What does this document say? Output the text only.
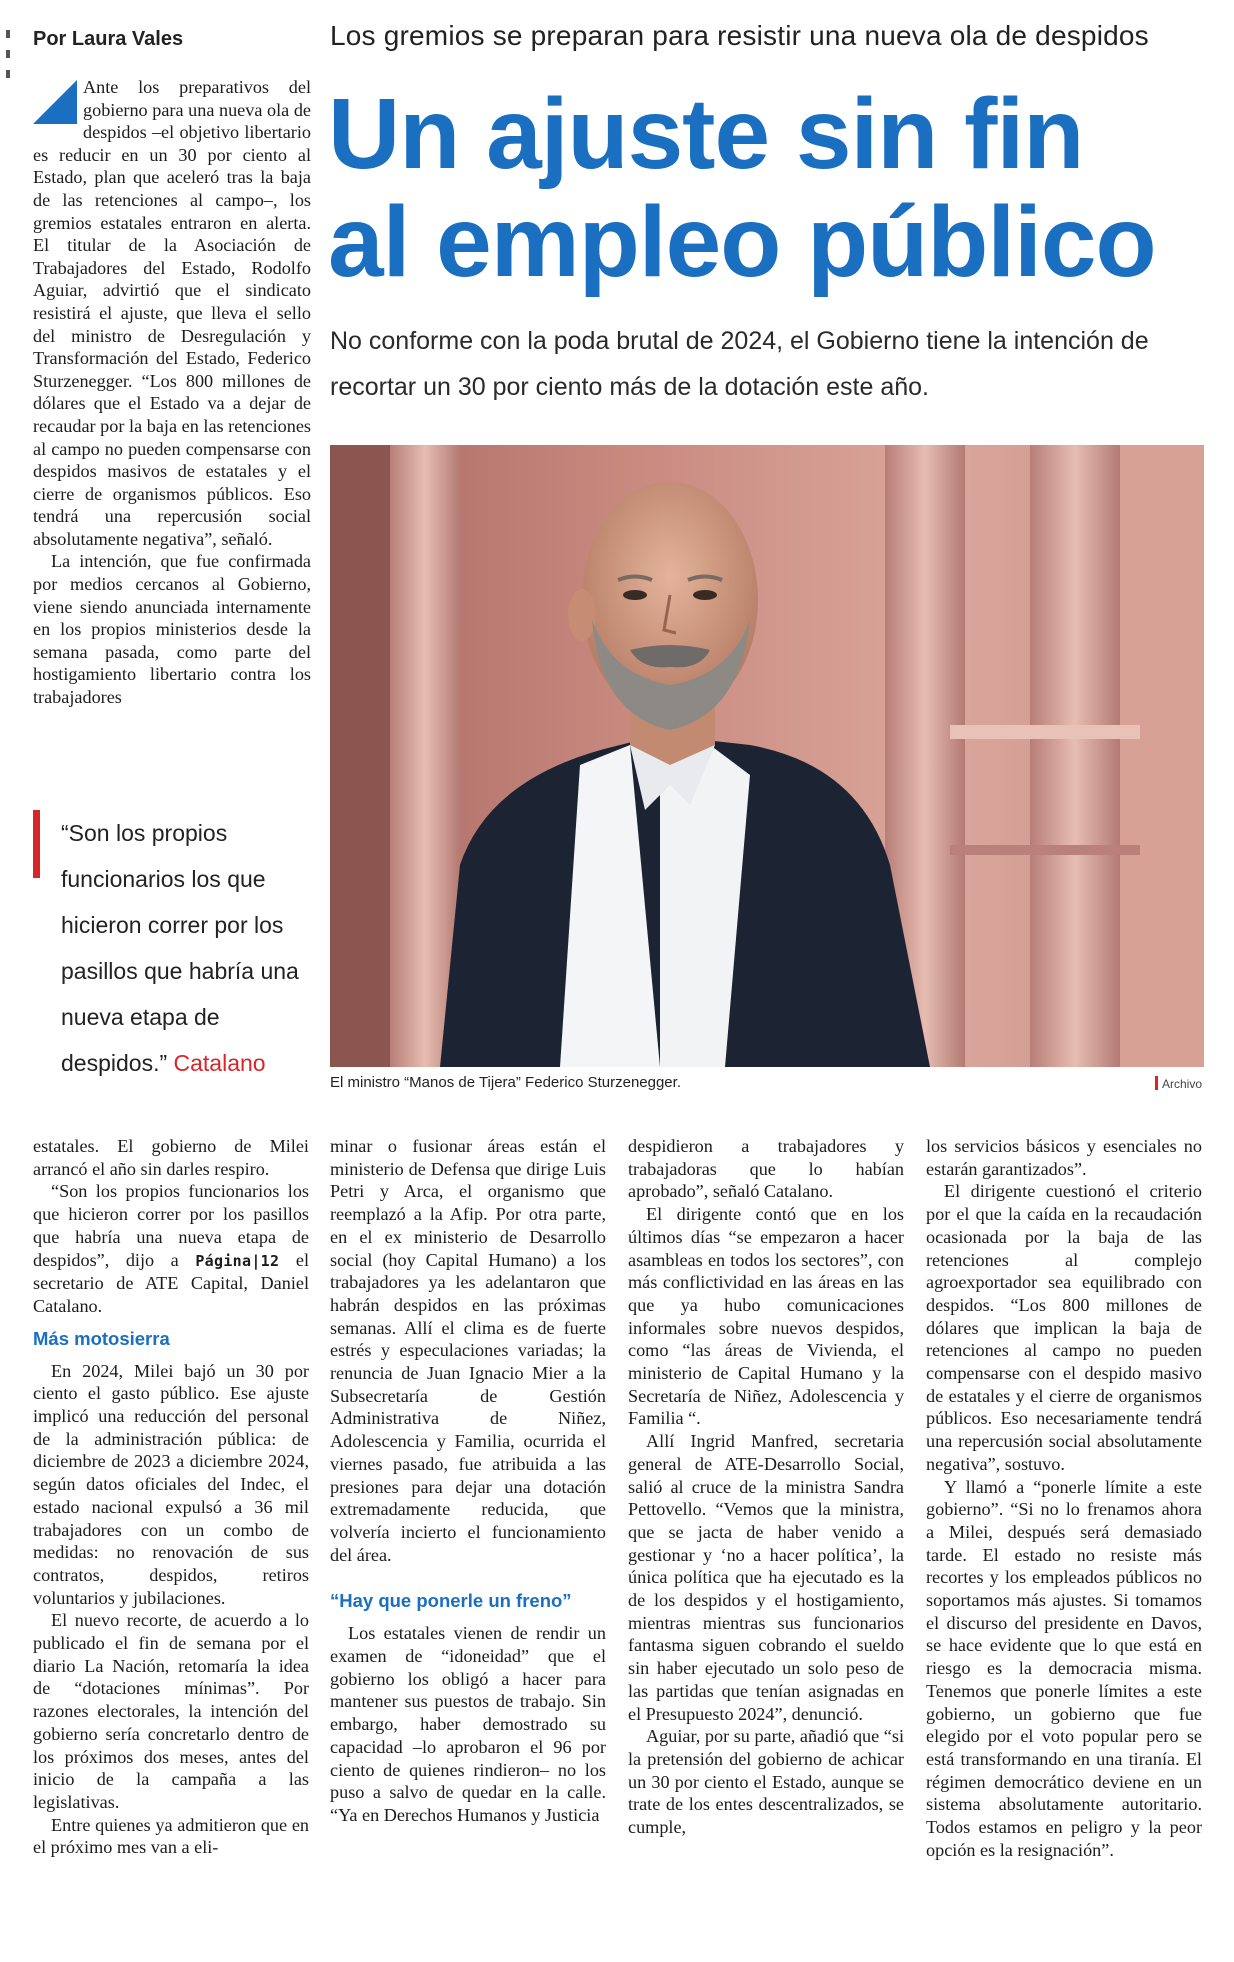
Por Laura Vales	Los gremios se preparan para resistir una nueva ola de despidos
Un ajuste sin fin
al empleo público
No conforme con la poda brutal de 2024, el Gobierno tiene la intención de recortar un 30 por ciento más de la dotación este año.

Ante los preparativos del gobierno para una nueva ola de despidos –el objetivo libertario es reducir en un 30 por ciento al Estado, plan que aceleró tras la baja de las retenciones al campo–, los gremios estatales entraron en alerta. El titular de la Asociación de Trabajadores del Estado, Rodolfo Aguiar, advirtió que el sindicato resistirá el ajuste, que lleva el sello del ministro de Desregulación y Transformación del Estado, Federico Sturzenegger. “Los 800 millones de dólares que el Estado va a dejar de recaudar por la baja en las retenciones al campo no pueden compensarse con despidos masivos de estatales y el cierre de organismos públicos. Eso tendrá una repercusión social absolutamente negativa”, señaló.

La intención, que fue confirmada por medios cercanos al Gobierno, viene siendo anunciada internamente en los propios ministerios desde la semana pasada, como parte del hostigamiento libertario contra los trabajadores

“Son los propios funcionarios los que hicieron correr por los pasillos que habría una nueva etapa de despidos.” Catalano
El ministro “Manos de Tijera” Federico Sturzenegger.	Archivo

estatales. El gobierno de Milei arrancó el año sin darles respiro.

“Son los propios funcionarios los que hicieron correr por los pasillos que habría una nueva etapa de despidos”, dijo a Página|12 el secretario de ATE Capital, Daniel Catalano.

Más motosierra

En 2024, Milei bajó un 30 por ciento el gasto público. Ese ajuste implicó una reducción del personal de la administración pública: de diciembre de 2023 a diciembre 2024, según datos oficiales del Indec, el estado nacional expulsó a 36 mil trabajadores con un combo de medidas: no renovación de sus contratos, despidos, retiros voluntarios y jubilaciones.

El nuevo recorte, de acuerdo a lo publicado el fin de semana por el diario La Nación, retomaría la idea de “dotaciones mínimas”. Por razones electorales, la intención del gobierno sería concretarlo dentro de los próximos dos meses, antes del inicio de la campaña a las legislativas.

Entre quienes ya admitieron que en el próximo mes van a eli-

minar o fusionar áreas están el ministerio de Defensa que dirige Luis Petri y Arca, el organismo que reemplazó a la Afip. Por otra parte, en el ex ministerio de Desarrollo social (hoy Capital Humano) a los trabajadores ya les adelantaron que habrán despidos en las próximas semanas. Allí el clima es de fuerte estrés y especulaciones variadas; la renuncia de Juan Ignacio Mier a la Subsecretaría de Gestión Administrativa de Niñez, Adolescencia y Familia, ocurrida el viernes pasado, fue atribuida a las presiones para dejar una dotación extremadamente reducida, que volvería incierto el funcionamiento del área.

“Hay que ponerle un freno”

Los estatales vienen de rendir un examen de “idoneidad” que el gobierno los obligó a hacer para mantener sus puestos de trabajo. Sin embargo, haber demostrado su capacidad –lo aprobaron el 96 por ciento de quienes rindieron– no los puso a salvo de quedar en la calle. “Ya en Derechos Humanos y Justicia

despidieron a trabajadores y trabajadoras que lo habían aprobado”, señaló Catalano.

El dirigente contó que en los últimos días “se empezaron a hacer asambleas en todos los sectores”, con más conflictividad en las áreas en las que ya hubo comunicaciones informales sobre nuevos despidos, como “las áreas de Vivienda, el ministerio de Capital Humano y la Secretaría de Niñez, Adolescencia y Familia “.

Allí Ingrid Manfred, secretaria general de ATE-Desarrollo Social, salió al cruce de la ministra Sandra Pettovello. “Vemos que la ministra, que se jacta de haber venido a gestionar y ‘no a hacer política’, la única política que ha ejecutado es la de los despidos y el hostigamiento, mientras mientras sus funcionarios fantasma siguen cobrando el sueldo sin haber ejecutado un solo peso de las partidas que tenían asignadas en el Presupuesto 2024”, denunció.

Aguiar, por su parte, añadió que “si la pretensión del gobierno de achicar un 30 por ciento el Estado, aunque se trate de los entes descentralizados, se cumple,

los servicios básicos y esenciales no estarán garantizados”.

El dirigente cuestionó el criterio por el que la caída en la recaudación ocasionada por la baja de las retenciones al complejo agroexportador sea equilibrado con despidos. “Los 800 millones de dólares que implican la baja de retenciones al campo no pueden compensarse con el despido masivo de estatales y el cierre de organismos públicos. Eso necesariamente tendrá una repercusión social absolutamente negativa”, sostuvo.

Y llamó a “ponerle límite a este gobierno”. “Si no lo frenamos ahora a Milei, después será demasiado tarde. El estado no resiste más recortes y los empleados públicos no soportamos más ajustes. Si tomamos el discurso del presidente en Davos, se hace evidente que lo que está en riesgo es la democracia misma. Tenemos que ponerle límites a este gobierno, un gobierno que fue elegido por el voto popular pero se está transformando en una tiranía. El régimen democrático deviene en un sistema absolutamente autoritario. Todos estamos en peligro y la peor opción es la resignación”.
